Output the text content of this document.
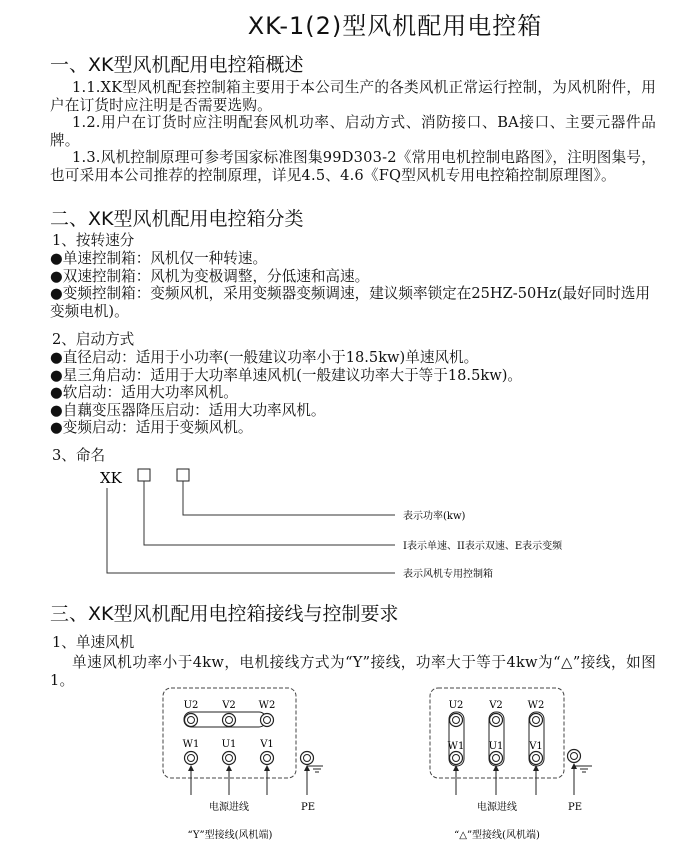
XK-1(2)型风机配用电控箱
一、XK型风机配用电控箱概述
1.1.XK型风机配套控制箱主要用于本公司生产的各类风机正常运行控制，为风机附件，用户在订货时应注明是否需要选购。
1.2.用户在订货时应注明配套风机功率、启动方式、消防接口、BA接口、主要元器件品牌。
1.3.风机控制原理可参考国家标准图集99D303-2《常用电机控制电路图》，注明图集号，也可采用本公司推荐的控制原理，详见4.5、4.6《FQ型风机专用电控箱控制原理图》。
二、XK型风机配用电控箱分类
1、按转速分
●单速控制箱：风机仅一种转速。
●双速控制箱：风机为变极调整，分低速和高速。
●变频控制箱：变频风机，采用变频器变频调速，建议频率锁定在25HZ-50Hz(最好同时选用变频电机)。
2、启动方式
●直径启动：适用于小功率(一般建议功率小于18.5kw)单速风机。
●星三角启动：适用于大功率单速风机(一般建议功率大于等于18.5kw)。
●软启动：适用大功率风机。
●自藕变压器降压启动：适用大功率风机。
●变频启动：适用于变频风机。
3、命名
XK
表示功率(kw)
I表示单速、II表示双速、E表示变频
表示风机专用控制箱
三、XK型风机配用电控箱接线与控制要求
1、单速风机
单速风机功率小于4kw，电机接线方式为“Y”接线，功率大于等于4kw为“△”接线，如图1。
U2 V2 W2
W1 U1 V1
电源进线	PE
“Y”型接线(风机端)
U2	V2 W2
W1 U1	V1
电源进线	PE
“△”型接线(风机端)
